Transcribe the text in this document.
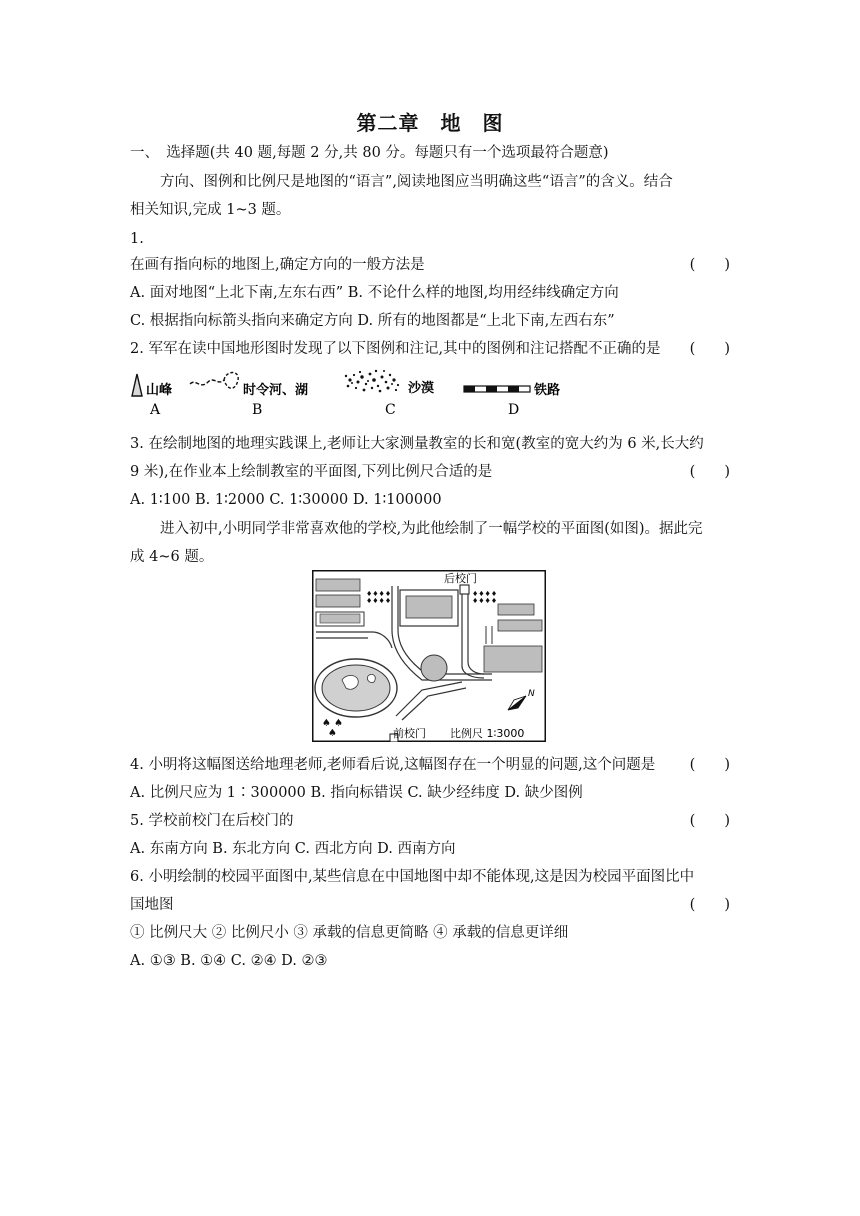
第二章　地　图
一、　选择题(共 40 题,每题 2 分,共 80 分。每题只有一个选项最符合题意)
方向、图例和比例尺是地图的“语言”,阅读地图应当明确这些“语言”的含义。结合
相关知识,完成 1~3 题。
1.
在画有指向标的地图上,确定方向的一般方法是	(　　)
A. 面对地图“上北下南,左东右西” B. 不论什么样的地图,均用经纬线确定方向
C. 根据指向标箭头指向来确定方向 D. 所有的地图都是“上北下南,左西右东”
2. 军军在读中国地形图时发现了以下图例和注记,其中的图例和注记搭配不正确的是 (　　)
山峰
A
时令河、湖
B
沙漠
C
铁路
D
3. 在绘制地图的地理实践课上,老师让大家测量教室的长和宽(教室的宽大约为 6 米,长大约
9 米),在作业本上绘制教室的平面图,下列比例尺合适的是	(　　)
A. 1∶100 B. 1∶2000 C. 1∶30000 D. 1∶100000
进入初中,小明同学非常喜欢他的学校,为此他绘制了一幅学校的平面图(如图)。据此完
成 4~6 题。
♦♦♦♦
♦♦♦♦
后校门
♦♦♦♦
♦♦♦♦
♠ ♠
♠	前校门 比例尺 1∶3000
N
4. 小明将这幅图送给地理老师,老师看后说,这幅图存在一个明显的问题,这个问题是 (　　)
A. 比例尺应为 1∶300000 B. 指向标错误 C. 缺少经纬度 D. 缺少图例
5. 学校前校门在后校门的	(　　)
A. 东南方向 B. 东北方向 C. 西北方向 D. 西南方向
6. 小明绘制的校园平面图中,某些信息在中国地图中却不能体现,这是因为校园平面图比中
国地图	(　　)
① 比例尺大 ② 比例尺小 ③ 承载的信息更简略 ④ 承载的信息更详细
A. ①③ B. ①④ C. ②④ D. ②③
